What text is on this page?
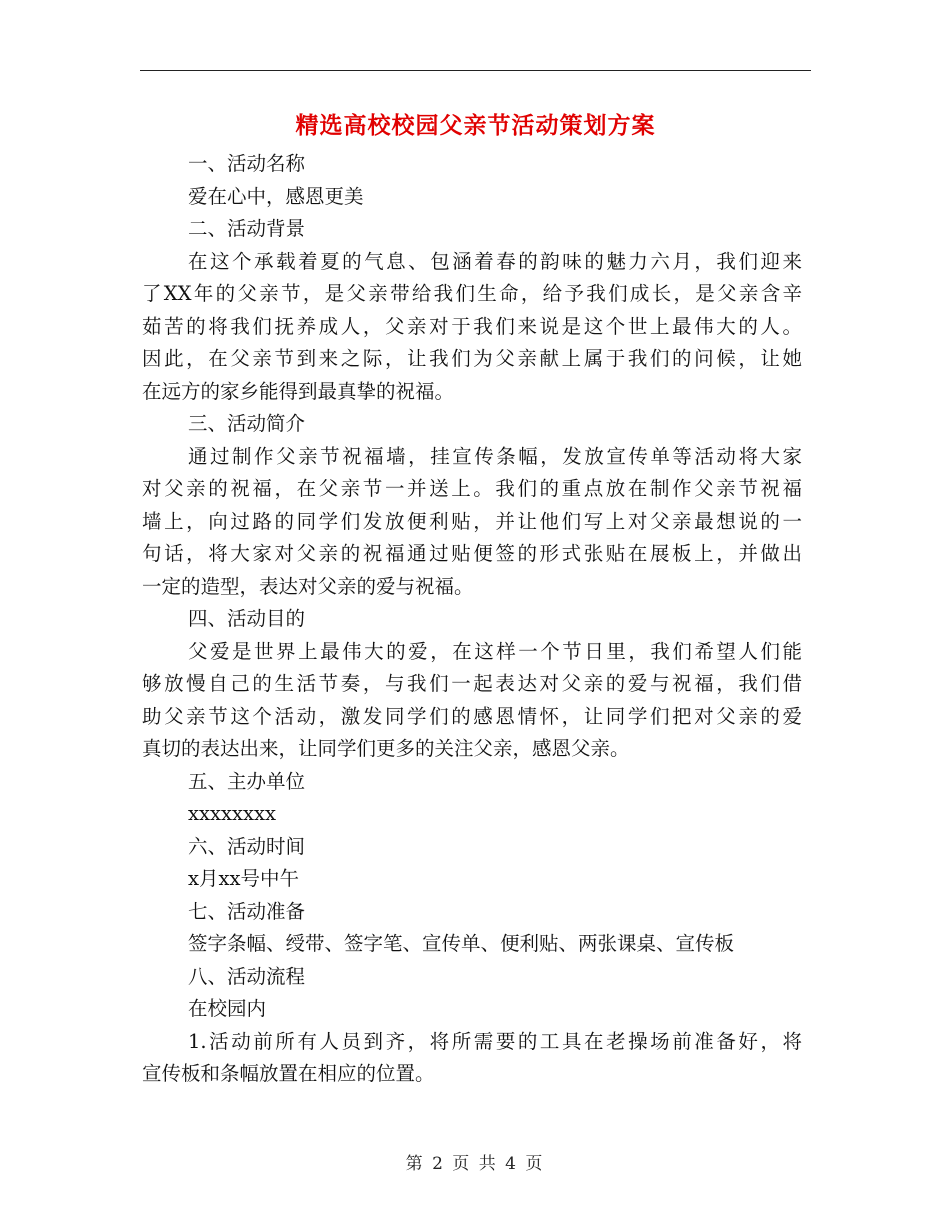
精选高校校园父亲节活动策划方案
一、活动名称
爱在心中，感恩更美
二、活动背景
在这个承载着夏的气息、包涵着春的韵味的魅力六月，我们迎来
了XX年的父亲节，是父亲带给我们生命，给予我们成长，是父亲含辛
茹苦的将我们抚养成人，父亲对于我们来说是这个世上最伟大的人。
因此，在父亲节到来之际，让我们为父亲献上属于我们的问候，让她
在远方的家乡能得到最真挚的祝福。
三、活动简介
通过制作父亲节祝福墙，挂宣传条幅，发放宣传单等活动将大家
对父亲的祝福，在父亲节一并送上。我们的重点放在制作父亲节祝福
墙上，向过路的同学们发放便利贴，并让他们写上对父亲最想说的一
句话，将大家对父亲的祝福通过贴便签的形式张贴在展板上，并做出
一定的造型，表达对父亲的爱与祝福。
四、活动目的
父爱是世界上最伟大的爱，在这样一个节日里，我们希望人们能
够放慢自己的生活节奏，与我们一起表达对父亲的爱与祝福，我们借
助父亲节这个活动，激发同学们的感恩情怀，让同学们把对父亲的爱
真切的表达出来，让同学们更多的关注父亲，感恩父亲。
五、主办单位
xxxxxxxx
六、活动时间
x月xx号中午
七、活动准备
签字条幅、绶带、签字笔、宣传单、便利贴、两张课桌、宣传板
八、活动流程
在校园内
1.活动前所有人员到齐，将所需要的工具在老操场前准备好，将
宣传板和条幅放置在相应的位置。
第 2 页 共 4 页
